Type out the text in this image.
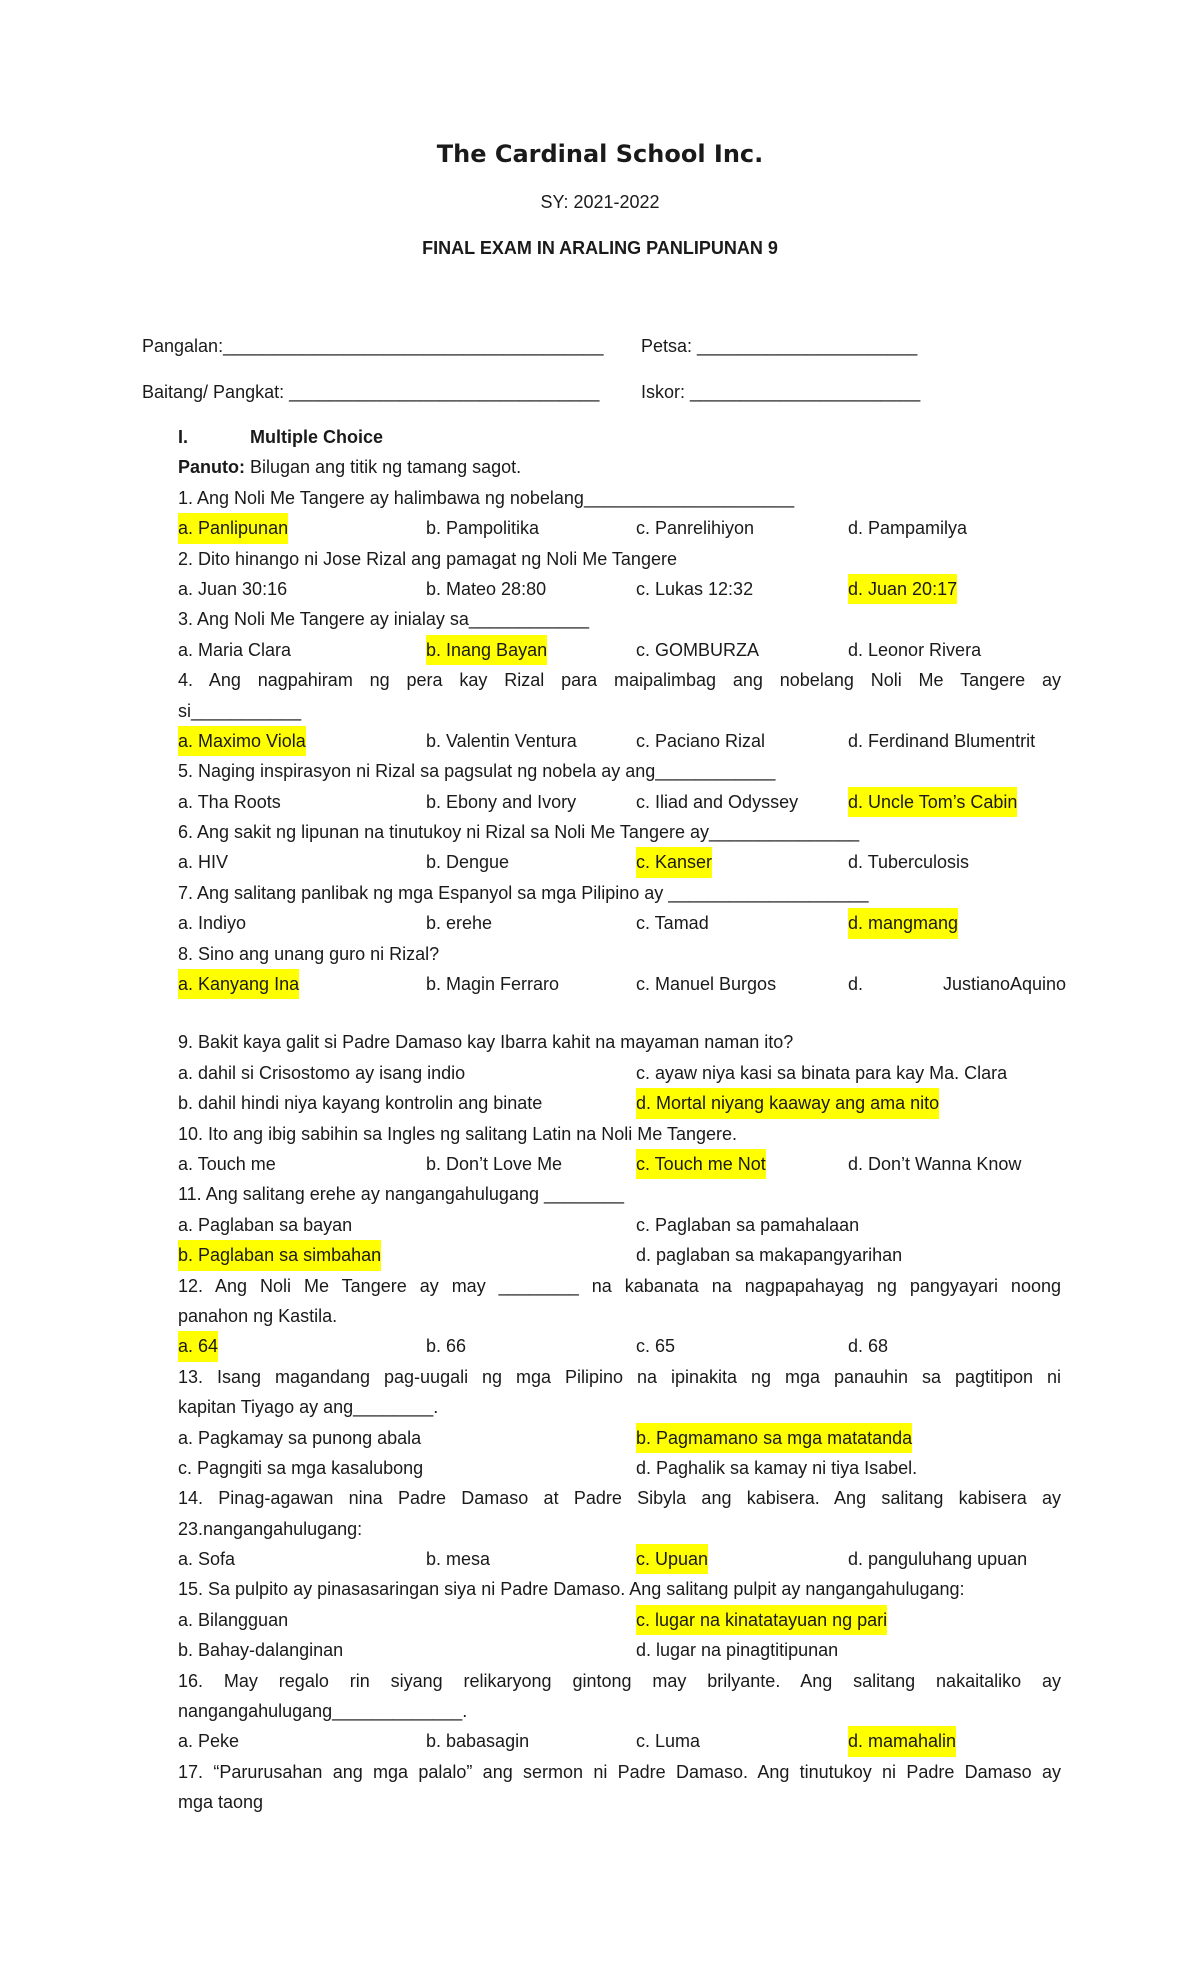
The Cardinal School Inc.
SY: 2021-2022
FINAL EXAM IN ARALING PANLIPUNAN 9
Pangalan:______________________________________ Petsa: ______________________
Baitang/ Pangkat: _______________________________ Iskor: _______________________
I.	Multiple Choice
Panuto: Bilugan ang titik ng tamang sagot.
1. Ang Noli Me Tangere ay halimbawa ng nobelang_____________________
a. Panlipunan	b. Pampolitika	c. Panrelihiyon	d. Pampamilya
2. Dito hinango ni Jose Rizal ang pamagat ng Noli Me Tangere
a. Juan 30:16	b. Mateo 28:80	c. Lukas 12:32	d. Juan 20:17
3. Ang Noli Me Tangere ay inialay sa____________
a. Maria Clara	b. Inang Bayan	c. GOMBURZA	d. Leonor Rivera
4. Ang nagpahiram ng pera kay Rizal para maipalimbag ang nobelang Noli Me Tangere ay
si___________
a. Maximo Viola	b. Valentin Ventura	c. Paciano Rizal	d. Ferdinand Blumentrit
5. Naging inspirasyon ni Rizal sa pagsulat ng nobela ay ang____________
a. Tha Roots	b. Ebony and Ivory	c. Iliad and Odyssey	d. Uncle Tom’s Cabin
6. Ang sakit ng lipunan na tinutukoy ni Rizal sa Noli Me Tangere ay_______________
a. HIV	b. Dengue	c. Kanser	d. Tuberculosis
7. Ang salitang panlibak ng mga Espanyol sa mga Pilipino ay ____________________
a. Indiyo	b. erehe	c. Tamad	d. mangmang
8. Sino ang unang guro ni Rizal?
a. Kanyang Ina	b. Magin Ferraro	c. Manuel Burgos	d.	Justiano Aquino
9. Bakit kaya galit si Padre Damaso kay Ibarra kahit na mayaman naman ito?
a. dahil si Crisostomo ay isang indio	c. ayaw niya kasi sa binata para kay Ma. Clara
b. dahil hindi niya kayang kontrolin ang binate	d. Mortal niyang kaaway ang ama nito
10. Ito ang ibig sabihin sa Ingles ng salitang Latin na Noli Me Tangere.
a. Touch me	b. Don’t Love Me	c. Touch me Not	d. Don’t Wanna Know
11. Ang salitang erehe ay nangangahulugang ________
a. Paglaban sa bayan	c. Paglaban sa pamahalaan
b. Paglaban sa simbahan	d. paglaban sa makapangyarihan
12. Ang Noli Me Tangere ay may ________ na kabanata na nagpapahayag ng pangyayari noong
panahon ng Kastila.
a. 64	b. 66	c. 65	d. 68
13. Isang magandang pag-uugali ng mga Pilipino na ipinakita ng mga panauhin sa pagtitipon ni
kapitan Tiyago ay ang________.
a. Pagkamay sa punong abala	b. Pagmamano sa mga matatanda
c. Pagngiti sa mga kasalubong	d. Paghalik sa kamay ni tiya Isabel.
14. Pinag-agawan nina Padre Damaso at Padre Sibyla ang kabisera. Ang salitang kabisera ay
23.nangangahulugang:
a. Sofa	b. mesa	c. Upuan	d. panguluhang upuan
15. Sa pulpito ay pinasasaringan siya ni Padre Damaso. Ang salitang pulpit ay nangangahulugang:
a. Bilangguan	c. lugar na kinatatayuan ng pari
b. Bahay-dalanginan	d. lugar na pinagtitipunan
16. May regalo rin siyang relikaryong gintong may brilyante. Ang salitang nakaitaliko ay
nangangahulugang_____________.
a. Peke	b. babasagin	c. Luma	d. mamahalin
17. “Parurusahan ang mga palalo” ang sermon ni Padre Damaso. Ang tinutukoy ni Padre Damaso ay
mga taong
